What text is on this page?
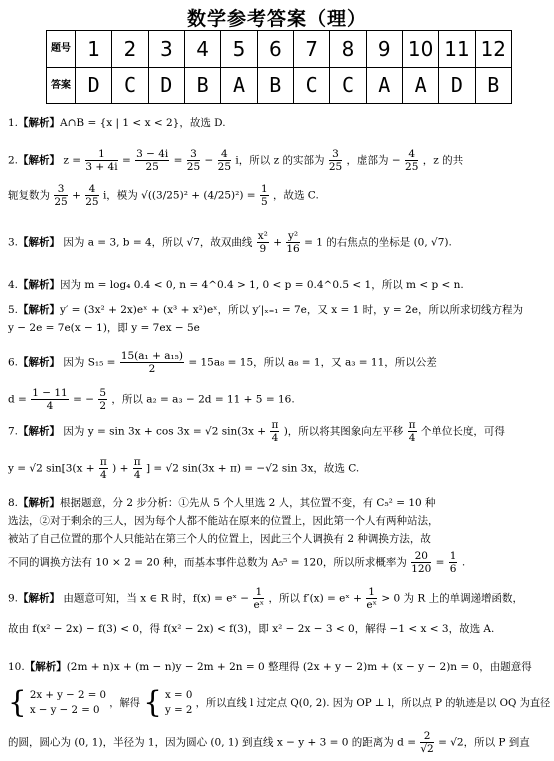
数学参考答案（理）
题号	1	2	3	4	5	6	7	8	9	10	11	12
答案	D	C	D	B	A	B	C	C	A	A	D	B
1.【解析】A∩B = {x | 1 < x < 2}，故选 D.
2.【解析】 $z = \frac{1}{3 + 4i} = \frac{3 - 4i}{25} = \frac{3}{25} - \frac{4}{25}$ i，所以 z 的实部为 $\frac{3}{25}$ ，虚部为 − $\frac{4}{25}$ ，z 的共
轭复数为 $\frac{3}{25} + \frac{4}{25}$ i，模为 $√((3/25)^2 + (4/25)^2) = \frac{1}{5}$ ，故选 C.
3.【解析】 因为 a = 3, b = 4，所以 √7，故双曲线 $\frac{\text{x²}}{9} + \frac{\text{y²}}{16} = 1$ 的右焦点的坐标是 (0, √7).
4.【解析】因为 m = log₄ 0.4 < 0, n = 4^0.4 > 1, 0 < p = 0.4^0.5 < 1，所以 m < p < n.
5.【解析】y′ = (3x² + 2x)eˣ + (x³ + x²)eˣ，所以 y′|ₓ₌₁ = 7e，又 x = 1 时，y = 2e，所以所求切线方程为
y − 2e = 7e(x − 1)，即 y = 7ex − 5e
6.【解析】 因为 $S_{15} = \frac{\text{15(a₁ + a₁₅)}}{2} = 15a_8 = 15$，所以 a₈ = 1，又 a₃ = 11，所以公差
$d = \frac{1 - 11}{4}$ = − $\frac{5}{2}$ ，所以 a₂ = a₃ − 2d = 11 + 5 = 16.
7.【解析】 因为 y = sin 3x + cos 3x = √2 $\sin(3x + \frac{\pi}{4}$ )，所以将其图象向左平移 $\frac{\pi}{4}$ 个单位长度，可得
y = √2 $\sin[3(x + \frac{\pi}{4}$ ) + $\frac{\pi}{4}$ ] = √2 sin(3x + π) = −√2 sin 3x，故选 C.
8.【解析】根据题意，分 2 步分析：①先从 5 个人里选 2 人，其位置不变，有 C₅² = 10 种
选法，②对于剩余的三人，因为每个人都不能站在原来的位置上，因此第一个人有两种站法，
被站了自己位置的那个人只能站在第三个人的位置上，因此三个人调换有 2 种调换方法，故
不同的调换方法有 10 × 2 = 20 种，而基本事件总数为 A₅⁵ = 120，所以所求概率为 $\frac{20}{120} = \frac{1}{6}$ .
9.【解析】 由题意可知，当 x ∈ R 时，f(x) = eˣ − $\frac{1}{\text{eˣ}}$ ，所以 f′(x) = eˣ + $\frac{1}{\text{eˣ}} > 0$ 为 R 上的单调递增函数，
故由 f(x² − 2x) − f(3) < 0，得 f(x² − 2x) < f(3)，即 x² − 2x − 3 < 0，解得 −1 < x < 3，故选 A.
10.【解析】(2m + n)x + (m − n)y − 2m + 2n = 0 整理得 (2x + y − 2)m + (x − y − 2)n = 0，由题意得
{ 2x + y − 2 = 0
x − y − 2 = 0
，解得 { x = 0
y = 2
，所以直线 l 过定点 Q(0, 2). 因为 OP ⊥ l，所以点 P 的轨迹是以 OQ 为直径
的圆，圆心为 (0, 1)，半径为 1，因为圆心 (0, 1) 到直线 x − y + 3 = 0 的距离为 $d = \frac{2}{√2} = √2$，所以 P 到直
